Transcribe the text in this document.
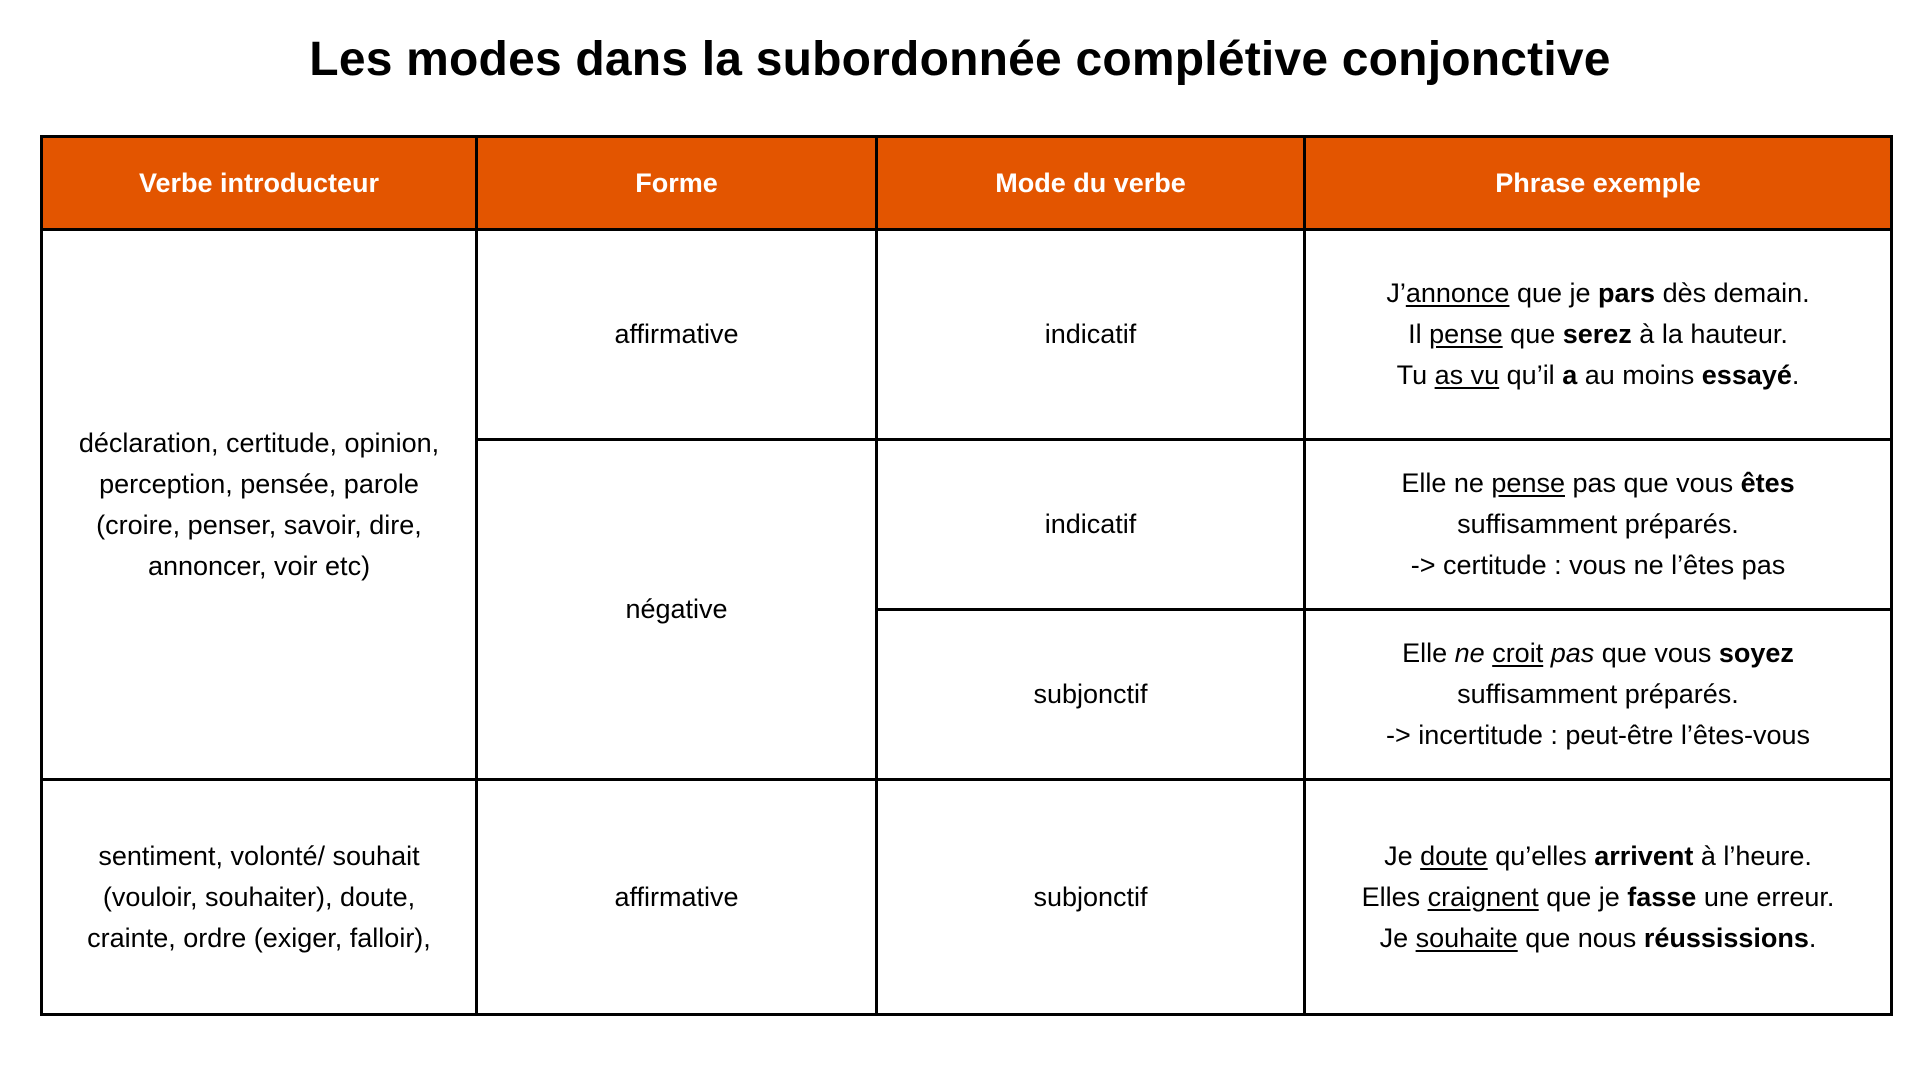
Les modes dans la subordonnée complétive conjonctive
Verbe introducteur	Forme	Mode du verbe	Phrase exemple
déclaration, certitude, opinion, perception, pensée, parole (croire, penser, savoir, dire, annoncer, voir etc)	affirmative	indicatif	J’annonce que je pars dès demain.
Il pense que serez à la hauteur.
Tu as vu qu’il a au moins essayé.

	négative	indicatif	Elle ne pense pas que vous êtes
suffisamment préparés.
-> certitude : vous ne l’êtes pas

		subjonctif	Elle ne croit pas que vous soyez
suffisamment préparés.
-> incertitude : peut-être l’êtes-vous

sentiment, volonté/ souhait (vouloir, souhaiter), doute, crainte, ordre (exiger, falloir),	affirmative	subjonctif	Je doute qu’elles arrivent à l’heure.
Elles craignent que je fasse une erreur.
Je souhaite que nous réussissions.
